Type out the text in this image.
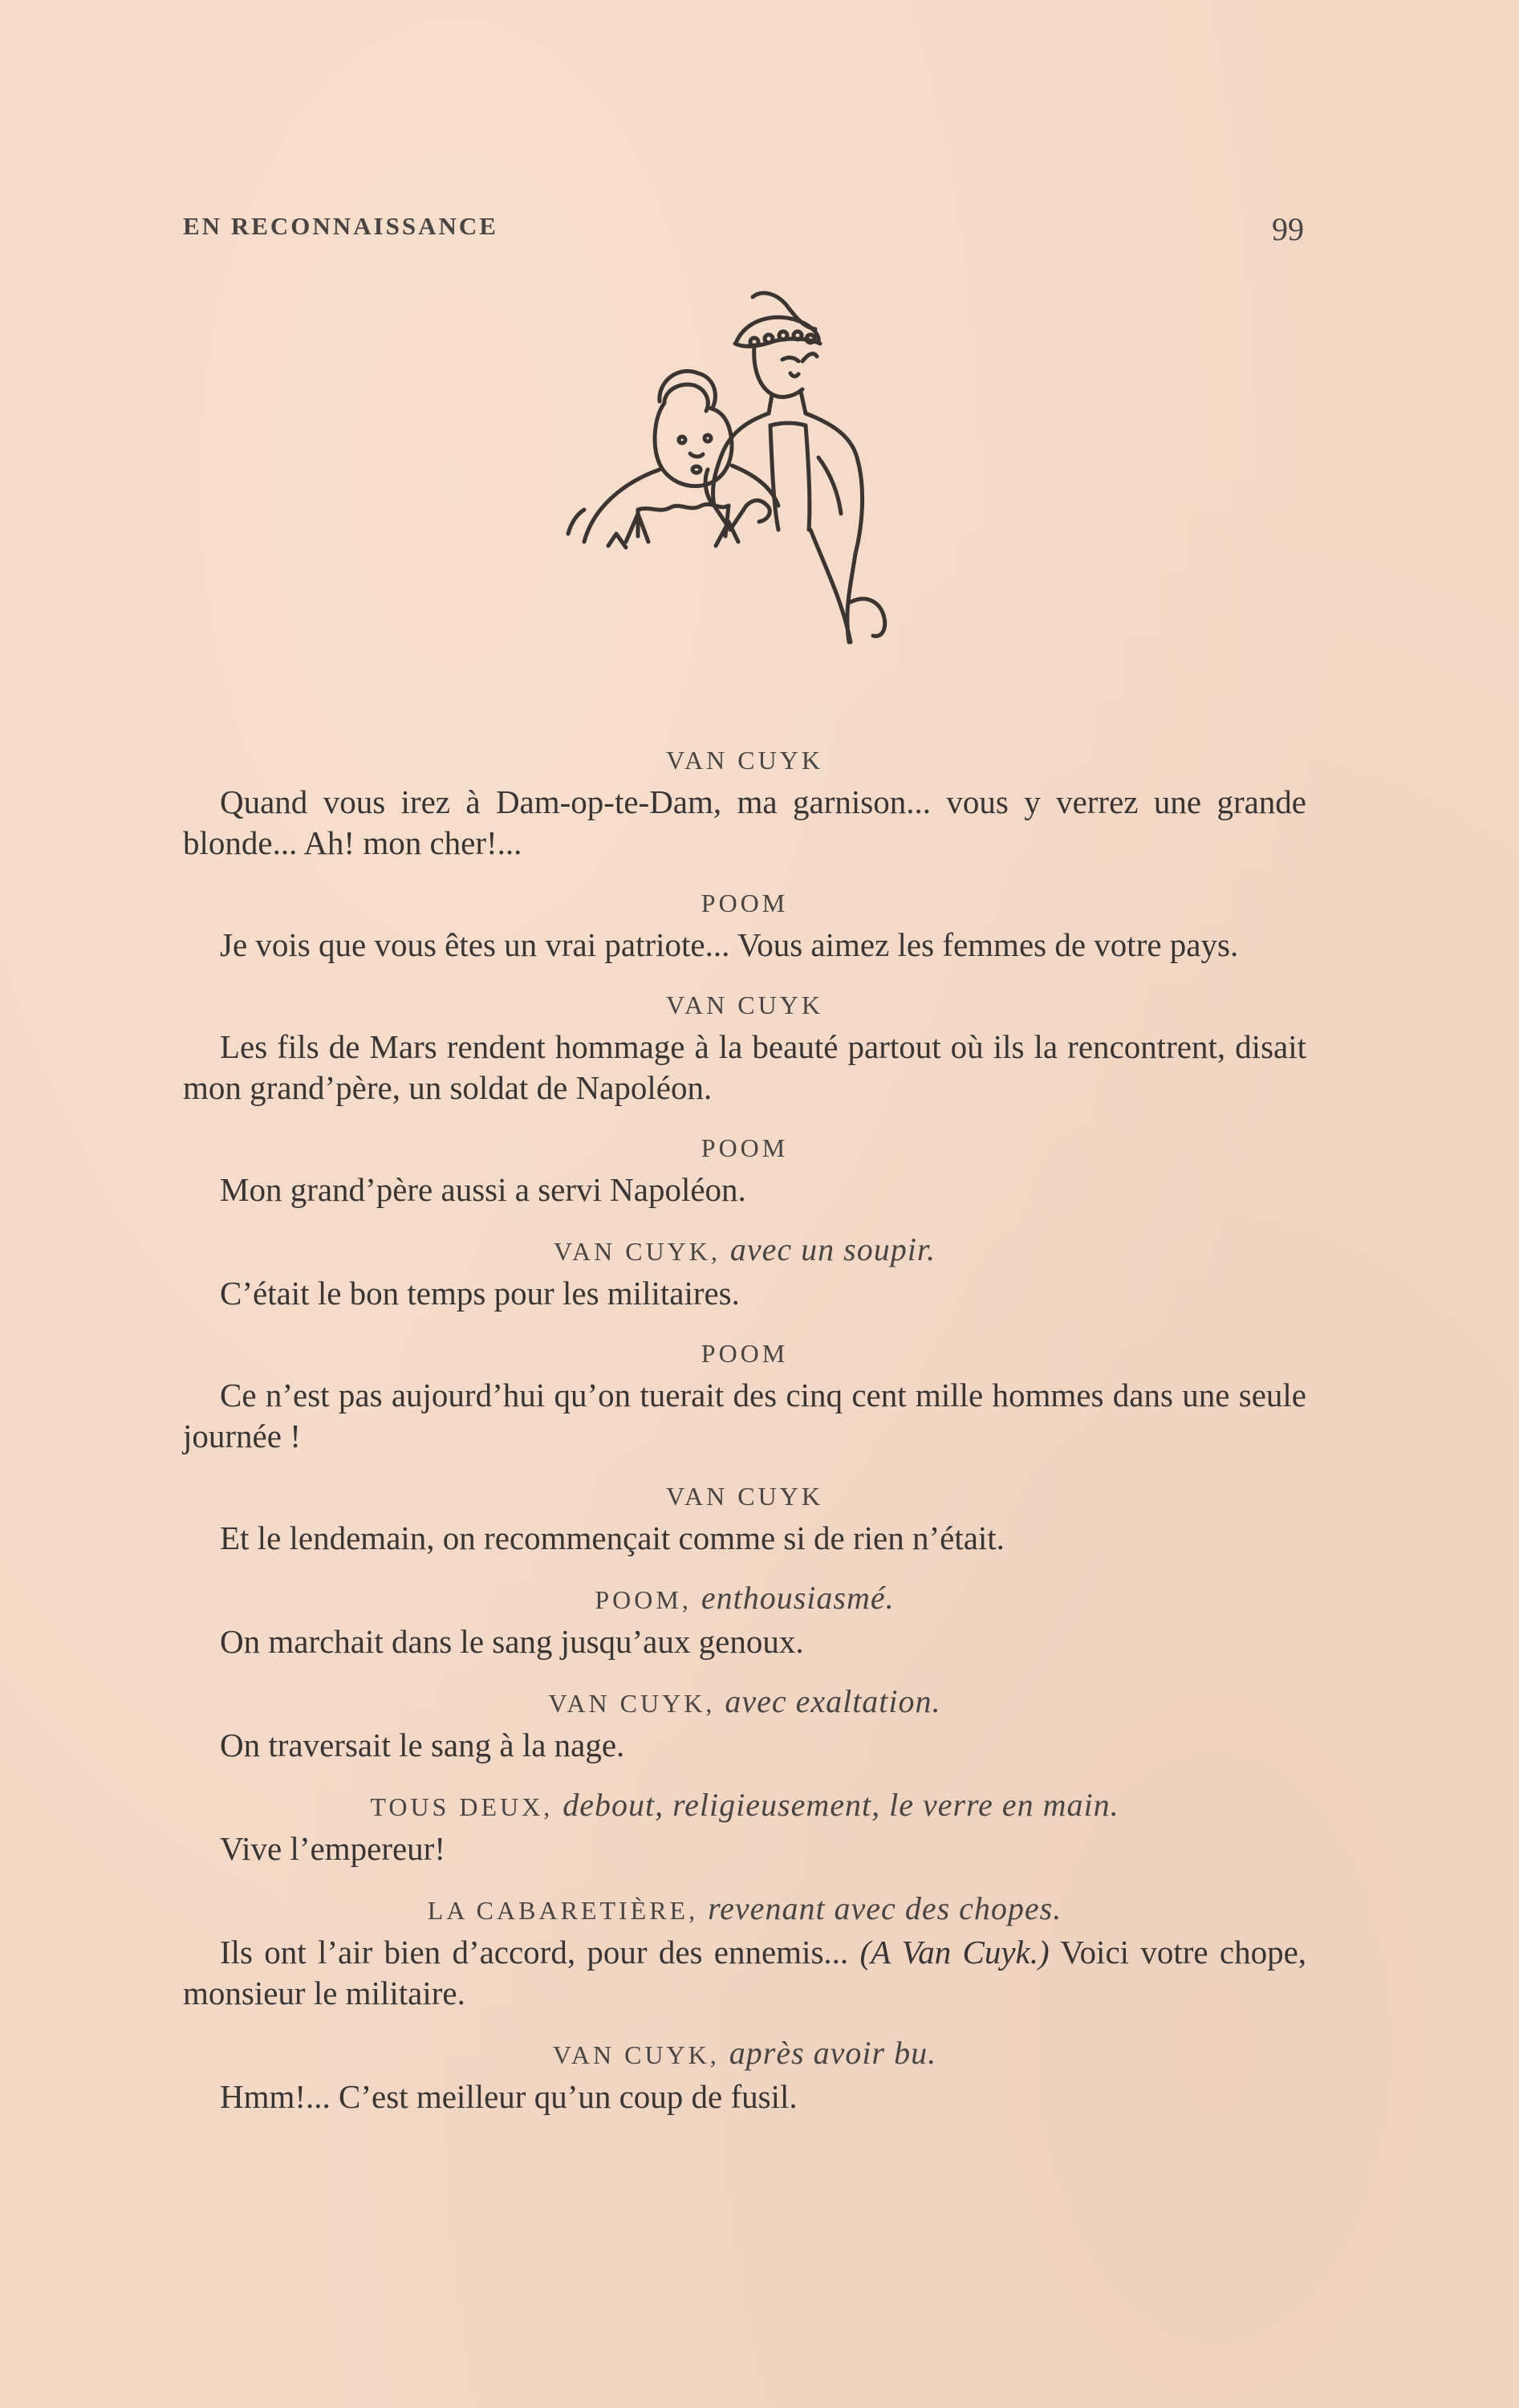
EN RECONNAISSANCE	99
VAN CUYK
Quand vous irez à Dam-op-te-Dam, ma garnison... vous y verrez une grande blonde... Ah! mon cher!...
POOM
Je vois que vous êtes un vrai patriote... Vous aimez les femmes de votre pays.
VAN CUYK
Les fils de Mars rendent hommage à la beauté partout où ils la rencontrent, disait mon grand’père, un soldat de Napoléon.
POOM
Mon grand’père aussi a servi Napoléon.
VAN CUYK, avec un soupir.
C’était le bon temps pour les militaires.
POOM
Ce n’est pas aujourd’hui qu’on tuerait des cinq cent mille hommes dans une seule journée !
VAN CUYK
Et le lendemain, on recommençait comme si de rien n’était.
POOM, enthousiasmé.
On marchait dans le sang jusqu’aux genoux.
VAN CUYK, avec exaltation.
On traversait le sang à la nage.
TOUS DEUX, debout, religieusement, le verre en main.
Vive l’empereur!
LA CABARETIÈRE, revenant avec des chopes.
Ils ont l’air bien d’accord, pour des ennemis... (A Van Cuyk.) Voici votre chope, monsieur le militaire.
VAN CUYK, après avoir bu.
Hmm!... C’est meilleur qu’un coup de fusil.
